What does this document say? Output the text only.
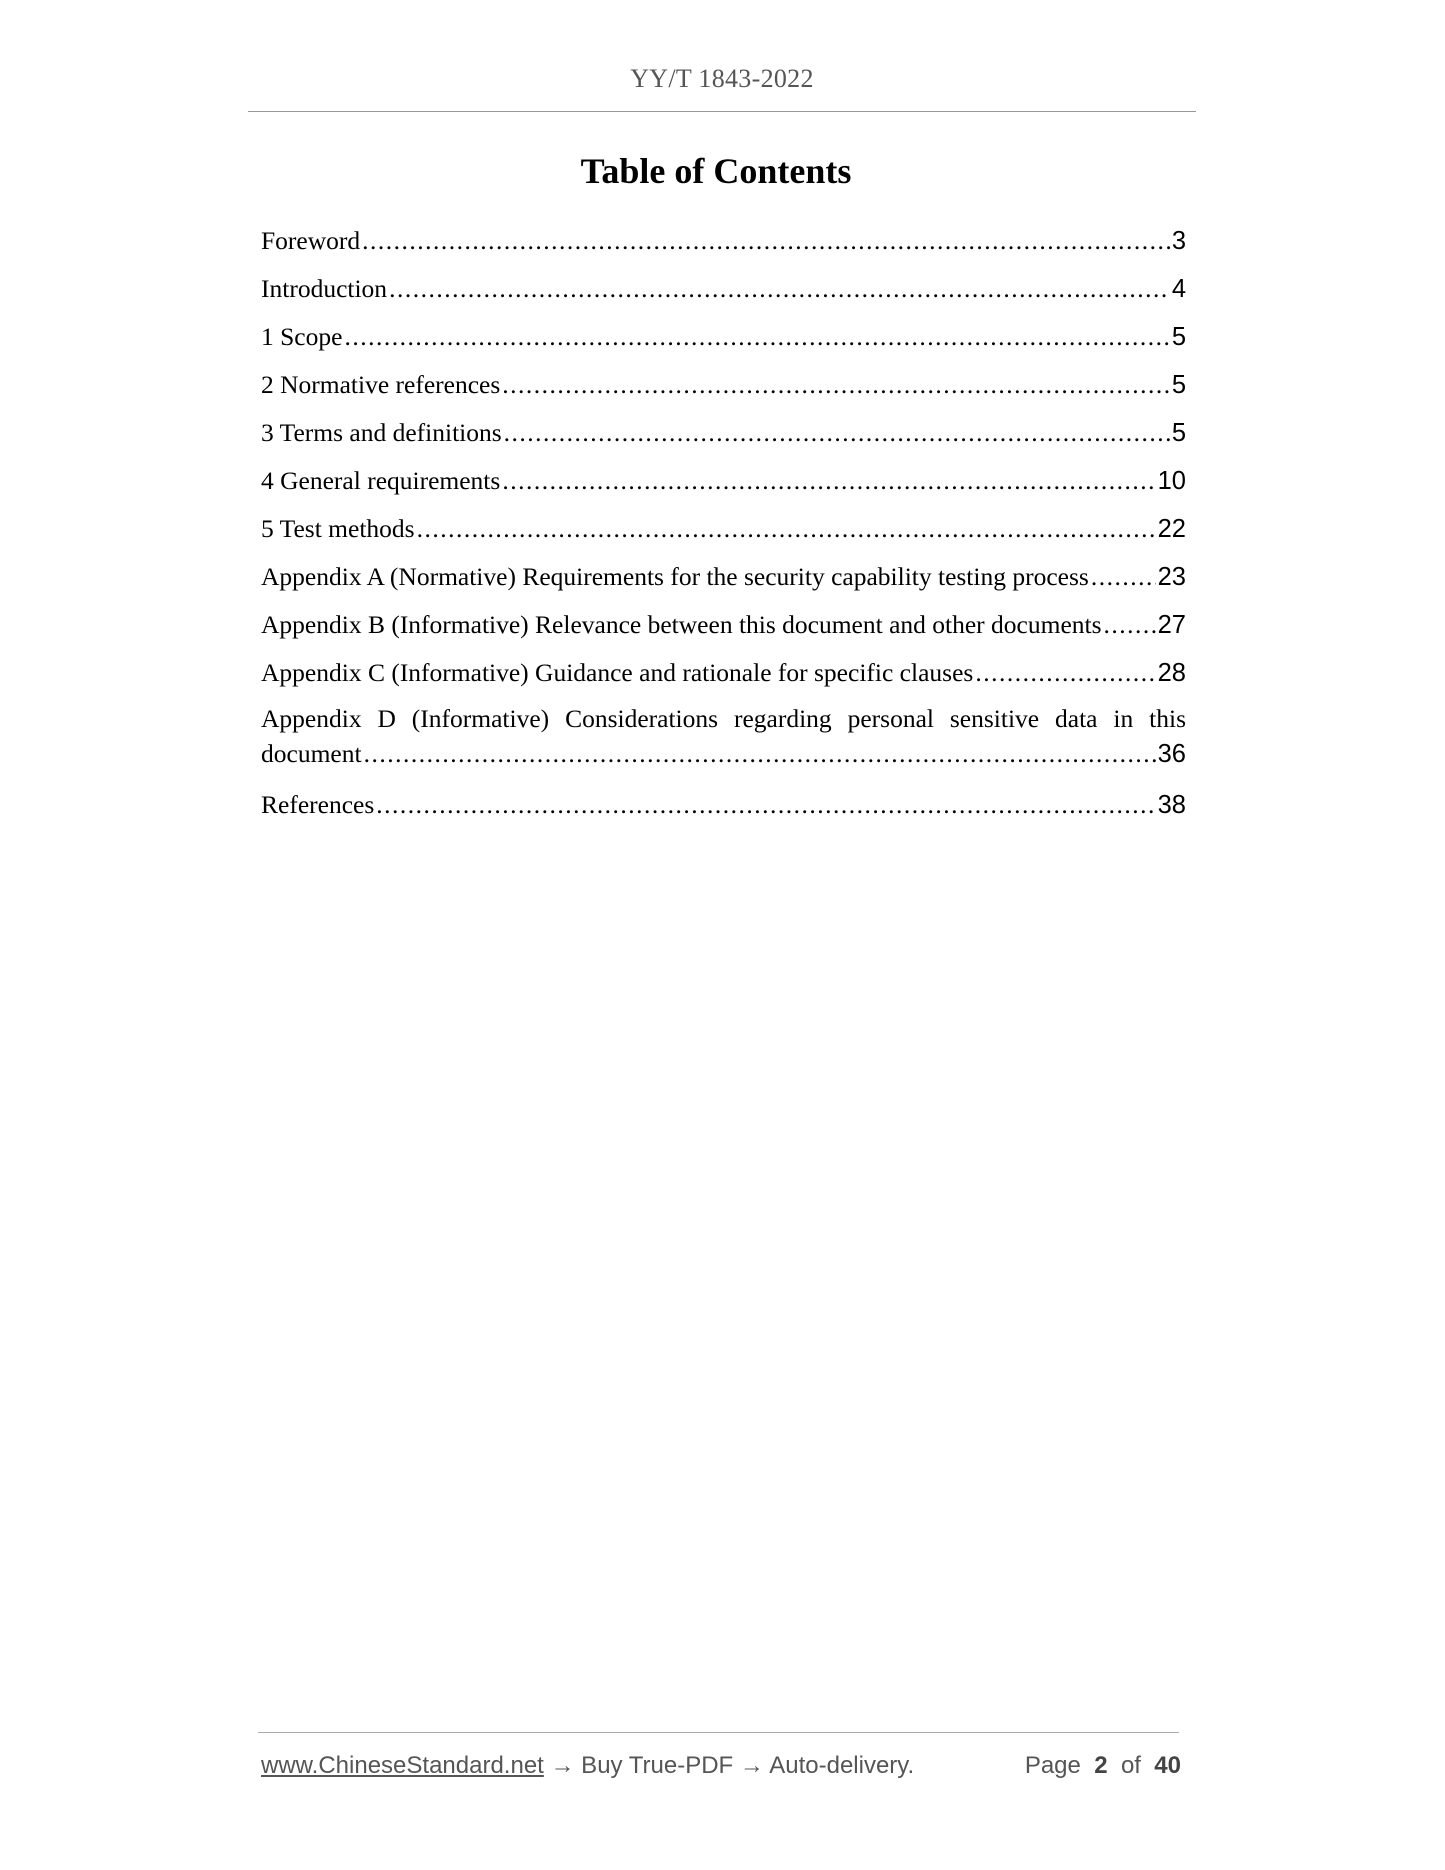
YY/T 1843-2022
Table of Contents
Foreword .....	3
Introduction .....	4
1 Scope .....	5
2 Normative references .....	5
3 Terms and definitions .....	5
4 General requirements .....	10
5 Test methods .....	22
Appendix A (Normative) Requirements for the security capability testing process .....	23
Appendix B (Informative) Relevance between this document and other documents ..... 27
Appendix C (Informative) Guidance and rationale for specific clauses .....	28
Appendix D (Informative) Considerations regarding personal sensitive data in this
document .....	36
References .....	38
www.ChineseStandard.net → Buy True-PDF → Auto-delivery.	Page 2 of 40
